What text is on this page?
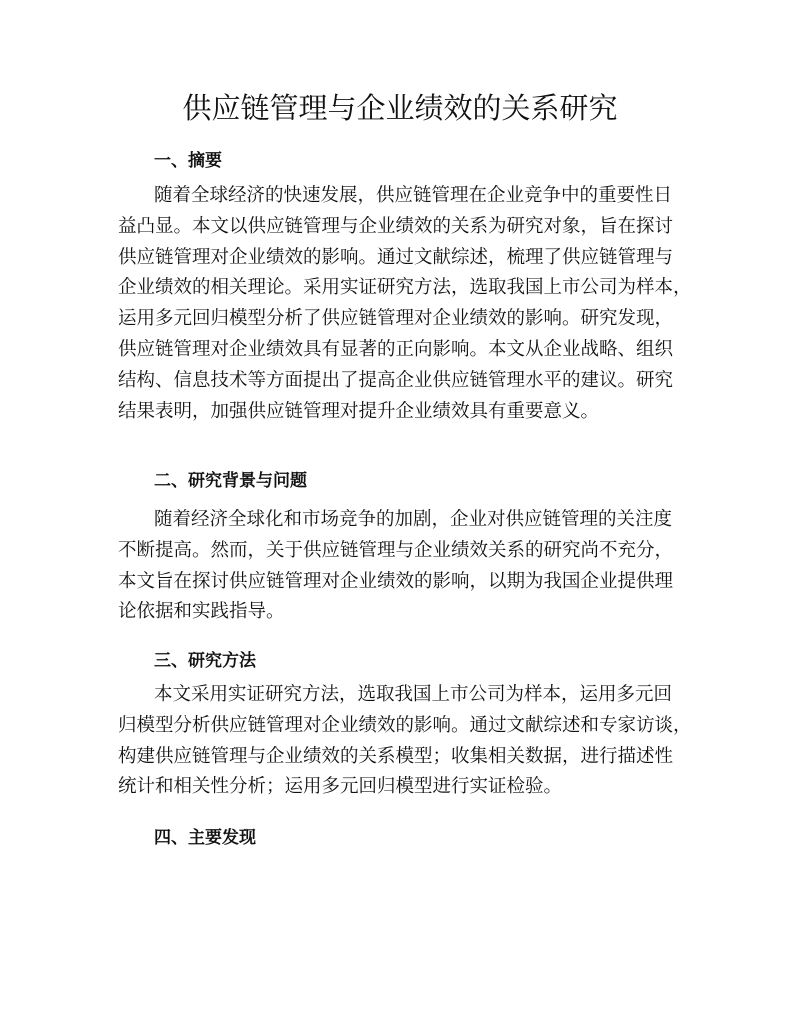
供应链管理与企业绩效的关系研究
一、摘要
随着全球经济的快速发展，供应链管理在企业竞争中的重要性日
益凸显。本文以供应链管理与企业绩效的关系为研究对象，旨在探讨
供应链管理对企业绩效的影响。通过文献综述，梳理了供应链管理与
企业绩效的相关理论。采用实证研究方法，选取我国上市公司为样本，
运用多元回归模型分析了供应链管理对企业绩效的影响。研究发现，
供应链管理对企业绩效具有显著的正向影响。本文从企业战略、组织
结构、信息技术等方面提出了提高企业供应链管理水平的建议。研究
结果表明，加强供应链管理对提升企业绩效具有重要意义。
二、研究背景与问题
随着经济全球化和市场竞争的加剧，企业对供应链管理的关注度
不断提高。然而，关于供应链管理与企业绩效关系的研究尚不充分，
本文旨在探讨供应链管理对企业绩效的影响，以期为我国企业提供理
论依据和实践指导。
三、研究方法
本文采用实证研究方法，选取我国上市公司为样本，运用多元回
归模型分析供应链管理对企业绩效的影响。通过文献综述和专家访谈，
构建供应链管理与企业绩效的关系模型；收集相关数据，进行描述性
统计和相关性分析；运用多元回归模型进行实证检验。
四、主要发现
